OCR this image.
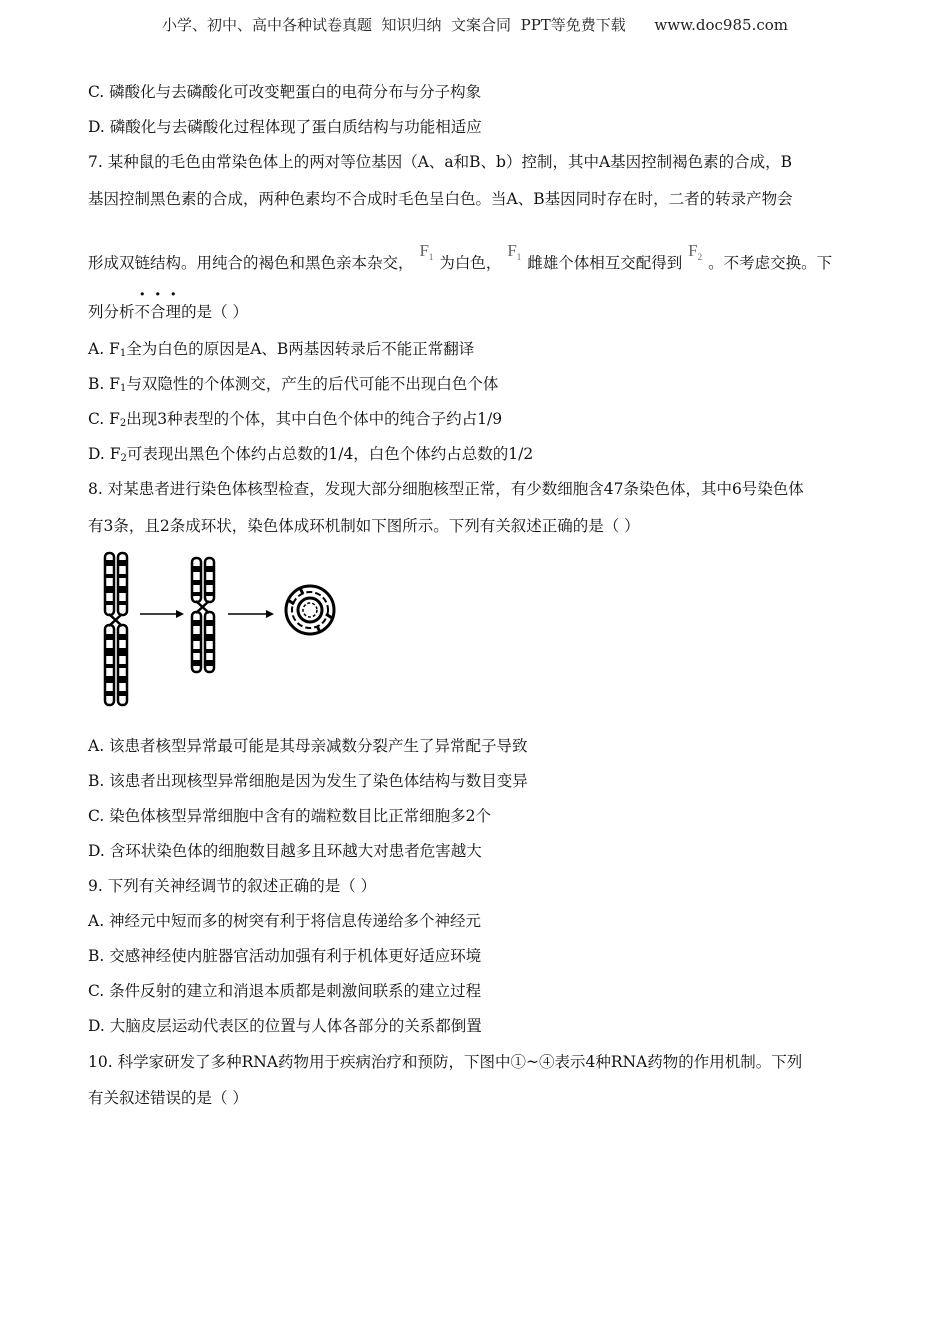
小学、初中、高中各种试卷真题  知识归纳  文案合同  PPT等免费下载      www.doc985.com
C. 磷酸化与去磷酸化可改变靶蛋白的电荷分布与分子构象
D. 磷酸化与去磷酸化过程体现了蛋白质结构与功能相适应
7. 某种鼠的毛色由常染色体上的两对等位基因（A、a和B、b）控制，其中A基因控制褐色素的合成，B
基因控制黑色素的合成，两种色素均不合成时毛色呈白色。当A、B基因同时存在时，二者的转录产物会
形成双链结构。用纯合的褐色和黑色亲本杂交， $F_1$ 为白色， $F_1$ 雌雄个体相互交配得到 $F_2$ 。不考虑交换。下
列分析不合理的是（ ）
A. $F_1$全为白色的原因是A、B两基因转录后不能正常翻译
B. $F_1$与双隐性的个体测交，产生的后代可能不出现白色个体
C. $F_2$出现3种表型的个体，其中白色个体中的纯合子约占1/9
D. $F_2$可表现出黑色个体约占总数的1/4，白色个体约占总数的1/2
8. 对某患者进行染色体核型检查，发现大部分细胞核型正常，有少数细胞含47条染色体，其中6号染色体
有3条，且2条成环状，染色体成环机制如下图所示。下列有关叙述正确的是（ ）
A. 该患者核型异常最可能是其母亲减数分裂产生了异常配子导致
B. 该患者出现核型异常细胞是因为发生了染色体结构与数目变异
C. 染色体核型异常细胞中含有的端粒数目比正常细胞多2个
D. 含环状染色体的细胞数目越多且环越大对患者危害越大
9. 下列有关神经调节的叙述正确的是（ ）
A. 神经元中短而多的树突有利于将信息传递给多个神经元
B. 交感神经使内脏器官活动加强有利于机体更好适应环境
C. 条件反射的建立和消退本质都是刺激间联系的建立过程
D. 大脑皮层运动代表区的位置与人体各部分的关系都倒置
10. 科学家研发了多种RNA药物用于疾病治疗和预防，下图中①~④表示4种RNA药物的作用机制。下列
有关叙述错误的是（ ）
